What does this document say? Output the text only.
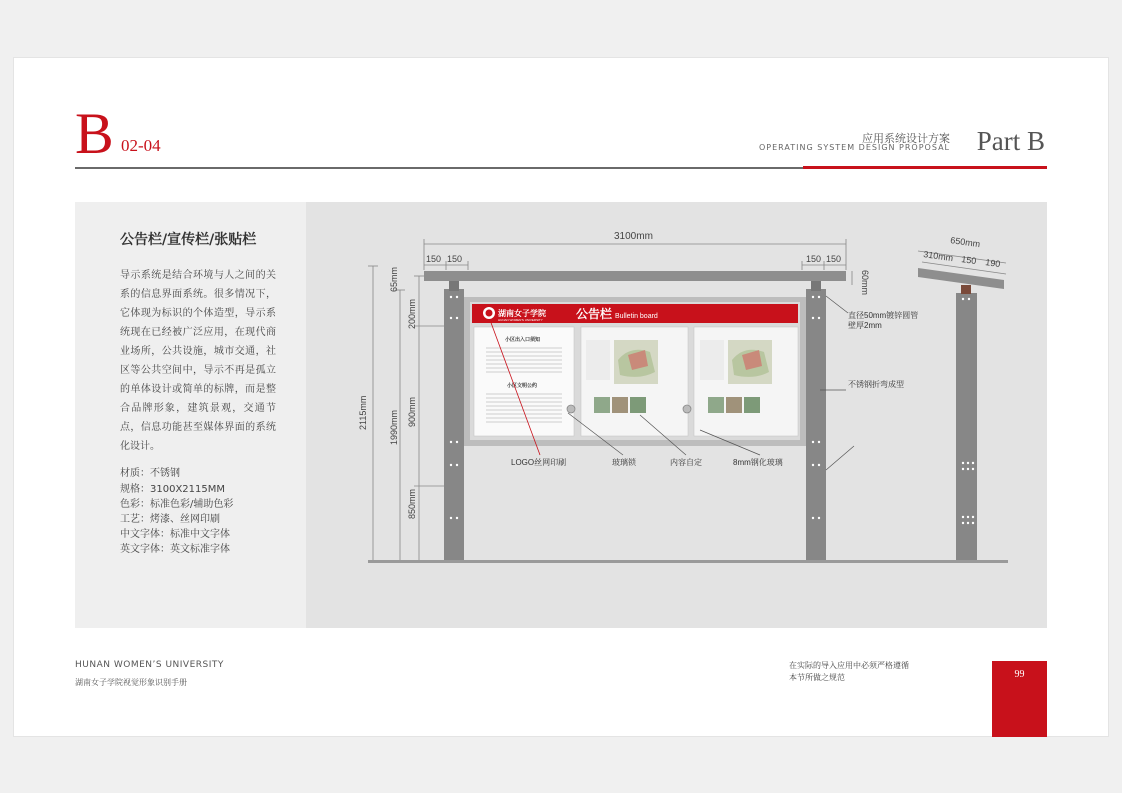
B 02-04	应用系统设计方案
OPERATING SYSTEM DESIGN PROPOSAL Part B
公告栏/宣传栏/张贴栏
导示系统是结合环境与人之间的关系的信息界面系统。很多情况下，它体现为标识的个体造型，导示系统现在已经被广泛应用，在现代商业场所，公共设施，城市交通，社区等公共空间中，导示不再是孤立的单体设计或简单的标牌，而是整合品牌形象，建筑景观，交通节点，信息功能甚至媒体界面的系统化设计。
材质：不锈钢
规格：3100X2115MM
色彩：标准色彩/辅助色彩
工艺：烤漆、丝网印刷
中文字体：标准中文字体
英文字体：英文标准字体
湖南女子学院
HUNAN WOMEN'S UNIVERSITY	公告栏 Bulletin board
小区出入口须知
小区文明公约
3100mm
150 150	150 150
60mm
65mm
200mm
900mm
850mm
1990mm
2115mm
650mm
310mm 150 190
直径50mm镀锌圆管
壁厚2mm
不锈钢折弯成型
LOGO丝网印刷	玻璃锁	内容自定	8mm钢化玻璃
HUNAN WOMEN’S UNIVERSITY
湖南女子学院视觉形象识别手册
在实际的导入应用中必须严格遵循
本节所做之规范	99
